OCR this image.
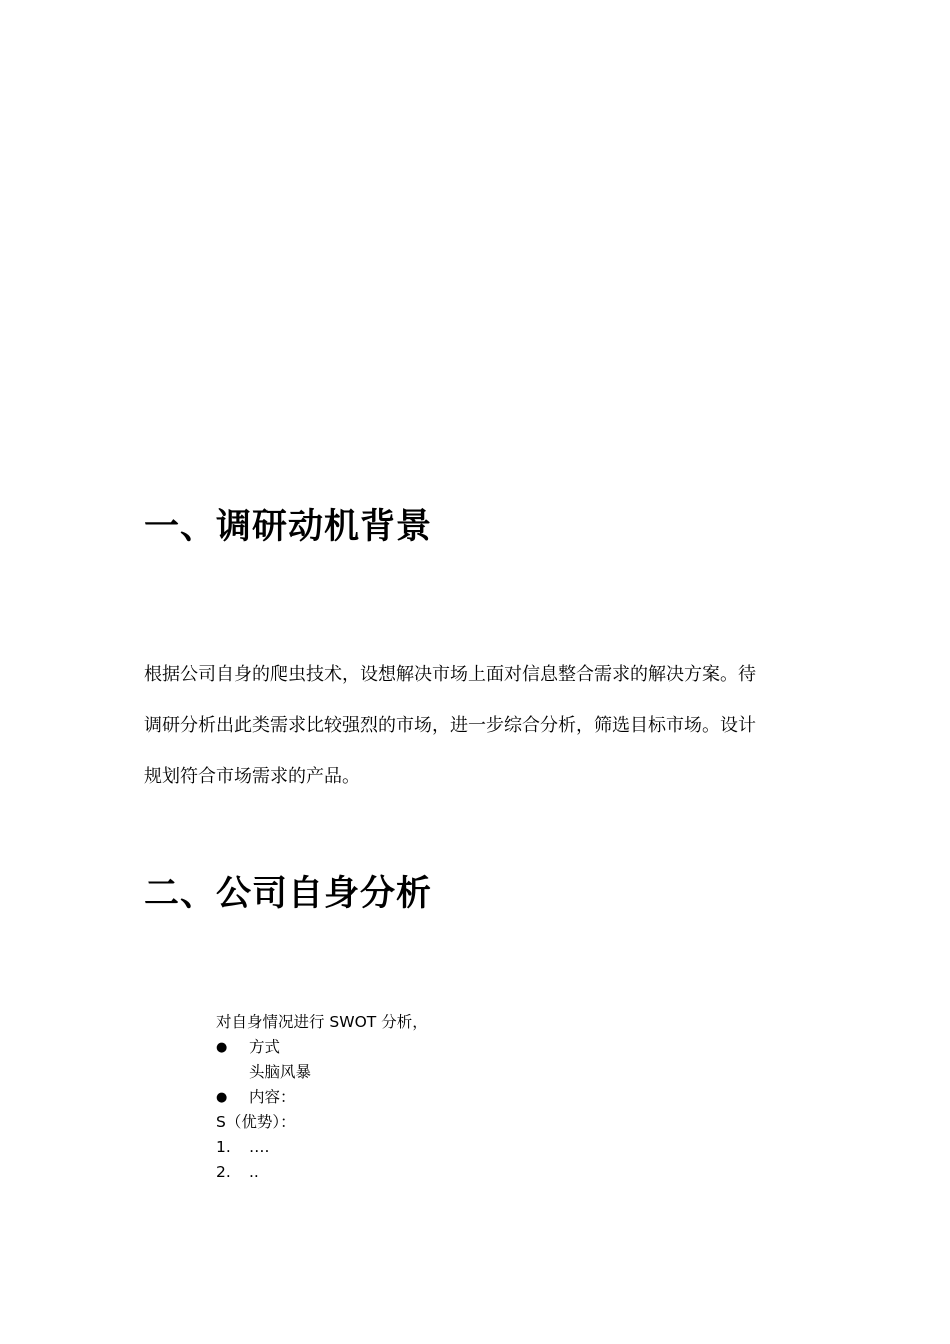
一、调研动机背景

根据公司自身的爬虫技术，设想解决市场上面对信息整合需求的解决方案。待
调研分析出此类需求比较强烈的市场，进一步综合分析，筛选目标市场。设计
规划符合市场需求的产品。

二、公司自身分析
对自身情况进行 SWOT 分析，
● 方式
头脑风暴
● 内容：
S（优势）：
1. ….
2. ..
